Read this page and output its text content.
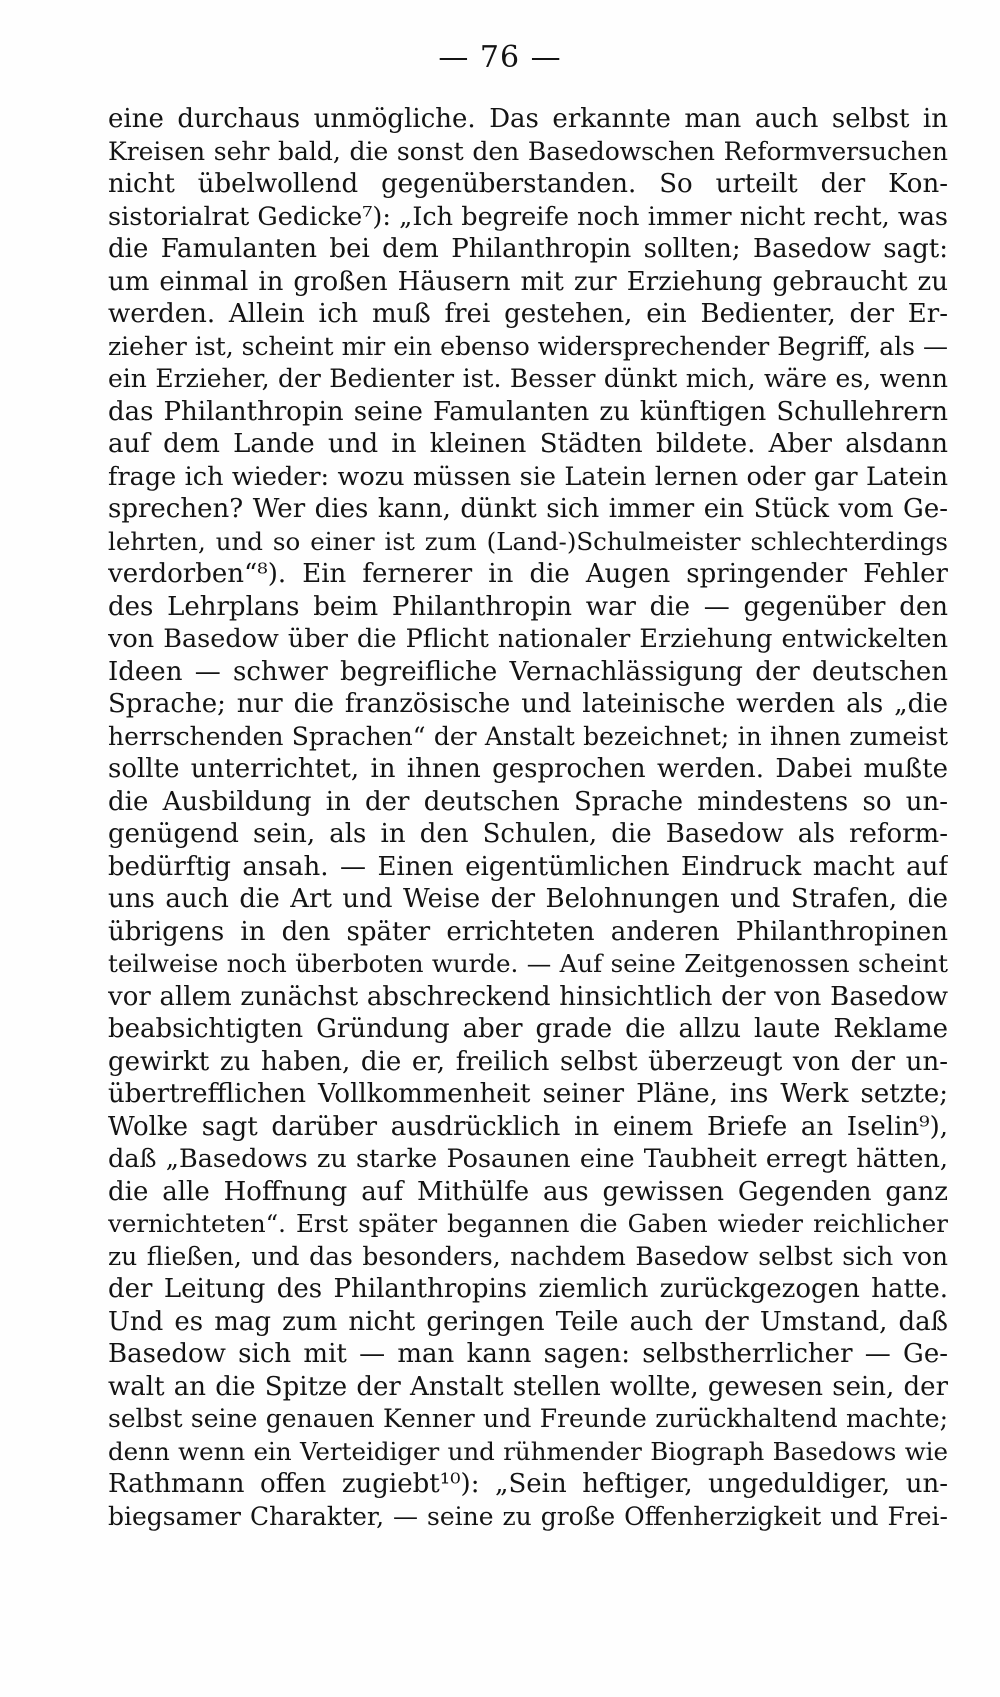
— 76 —
eine durchaus unmögliche. Das erkannte man auch selbst in
Kreisen sehr bald, die sonst den Basedowschen Reformversuchen
nicht übelwollend gegenüberstanden. So urteilt der Kon-
sistorialrat Gedicke⁷): „Ich begreife noch immer nicht recht, was
die Famulanten bei dem Philanthropin sollten; Basedow sagt:
um einmal in großen Häusern mit zur Erziehung gebraucht zu
werden. Allein ich muß frei gestehen, ein Bedienter, der Er-
zieher ist, scheint mir ein ebenso widersprechender Begriff, als —
ein Erzieher, der Bedienter ist. Besser dünkt mich, wäre es, wenn
das Philanthropin seine Famulanten zu künftigen Schullehrern
auf dem Lande und in kleinen Städten bildete. Aber alsdann
frage ich wieder: wozu müssen sie Latein lernen oder gar Latein
sprechen? Wer dies kann, dünkt sich immer ein Stück vom Ge-
lehrten, und so einer ist zum (Land-)Schulmeister schlechterdings
verdorben“⁸). Ein fernerer in die Augen springender Fehler
des Lehrplans beim Philanthropin war die — gegenüber den
von Basedow über die Pflicht nationaler Erziehung entwickelten
Ideen — schwer begreifliche Vernachlässigung der deutschen
Sprache; nur die französische und lateinische werden als „die
herrschenden Sprachen“ der Anstalt bezeichnet; in ihnen zumeist
sollte unterrichtet, in ihnen gesprochen werden. Dabei mußte
die Ausbildung in der deutschen Sprache mindestens so un-
genügend sein, als in den Schulen, die Basedow als reform-
bedürftig ansah. — Einen eigentümlichen Eindruck macht auf
uns auch die Art und Weise der Belohnungen und Strafen, die
übrigens in den später errichteten anderen Philanthropinen
teilweise noch überboten wurde. — Auf seine Zeitgenossen scheint
vor allem zunächst abschreckend hinsichtlich der von Basedow
beabsichtigten Gründung aber grade die allzu laute Reklame
gewirkt zu haben, die er, freilich selbst überzeugt von der un-
übertrefflichen Vollkommenheit seiner Pläne, ins Werk setzte;
Wolke sagt darüber ausdrücklich in einem Briefe an Iselin⁹),
daß „Basedows zu starke Posaunen eine Taubheit erregt hätten,
die alle Hoffnung auf Mithülfe aus gewissen Gegenden ganz
vernichteten“. Erst später begannen die Gaben wieder reichlicher
zu fließen, und das besonders, nachdem Basedow selbst sich von
der Leitung des Philanthropins ziemlich zurückgezogen hatte.
Und es mag zum nicht geringen Teile auch der Umstand, daß
Basedow sich mit — man kann sagen: selbstherrlicher — Ge-
walt an die Spitze der Anstalt stellen wollte, gewesen sein, der
selbst seine genauen Kenner und Freunde zurückhaltend machte;
denn wenn ein Verteidiger und rühmender Biograph Basedows wie
Rathmann offen zugiebt¹⁰): „Sein heftiger, ungeduldiger, un-
biegsamer Charakter, — seine zu große Offenherzigkeit und Frei-
